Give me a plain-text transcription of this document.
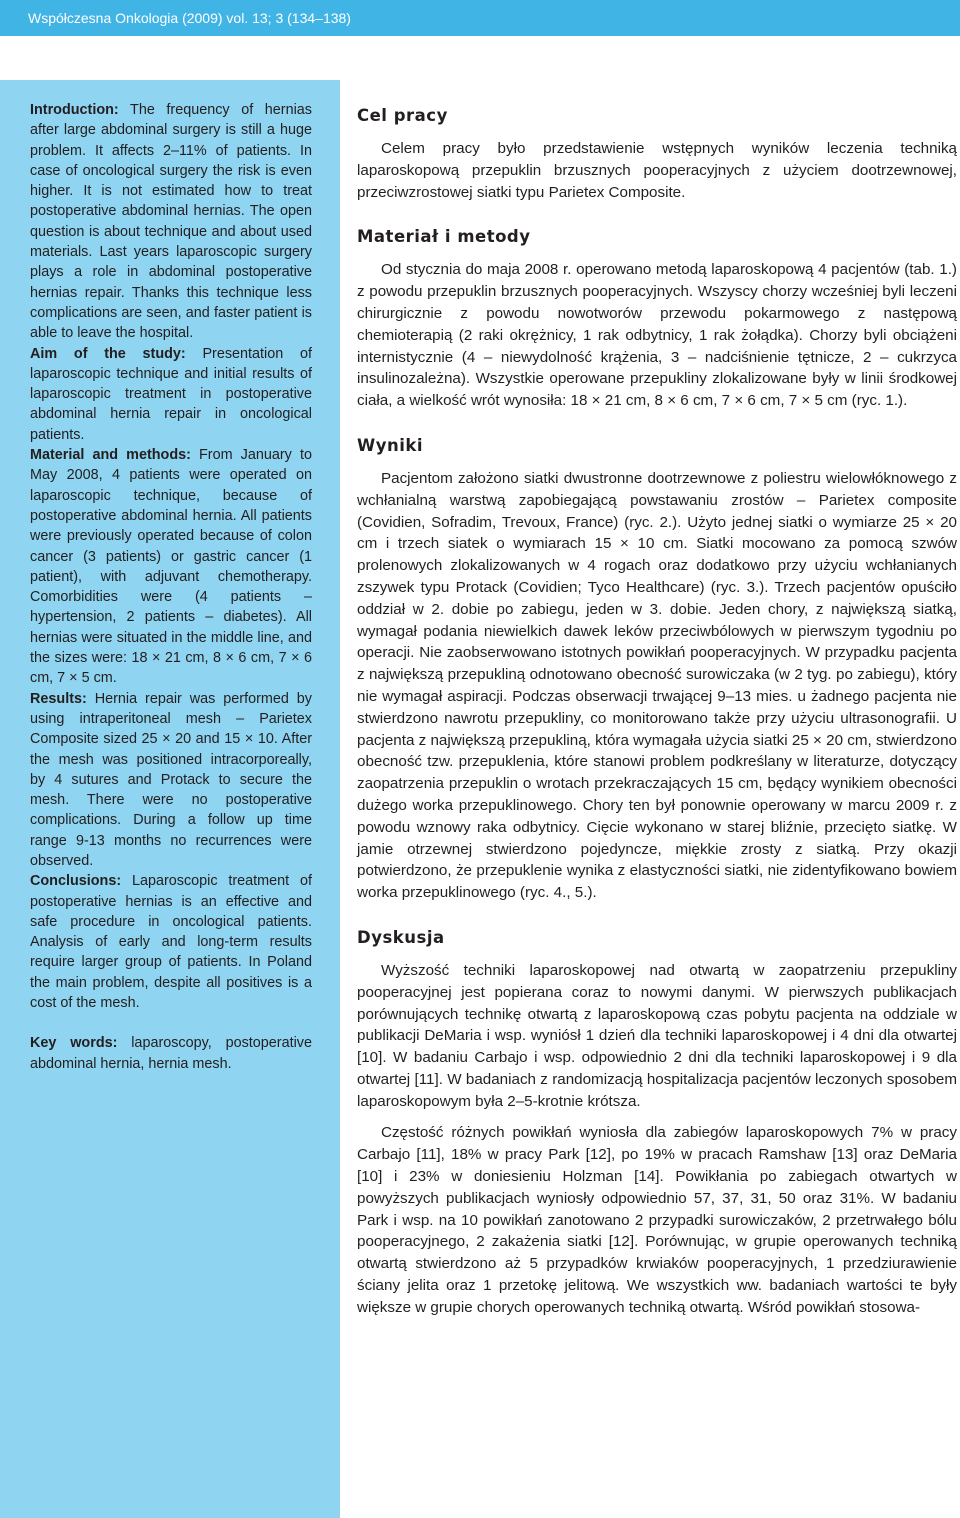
Współczesna Onkologia (2009) vol. 13; 3 (134–138)

Introduction: The frequency of hernias after large abdominal surgery is still a huge problem. It affects 2–11% of patients. In case of oncological surgery the risk is even higher. It is not estimated how to treat postoperative abdominal hernias. The open question is about technique and about used materials. Last years laparoscopic surgery plays a role in abdominal postoperative hernias repair. Thanks this technique less complications are seen, and faster patient is able to leave the hospital.

Aim of the study: Presentation of laparoscopic technique and initial results of laparoscopic treatment in postoperative abdominal hernia repair in oncological patients.

Material and methods: From January to May 2008, 4 patients were operated on laparoscopic technique, because of postoperative abdominal hernia. All patients were previously operated because of colon cancer (3 patients) or gastric cancer (1 patient), with adjuvant chemotherapy. Comorbidities were (4 patients – hypertension, 2 patients – diabetes). All hernias were situated in the middle line, and the sizes were: 18 × 21 cm, 8 × 6 cm, 7 × 6 cm, 7 × 5 cm.

Results: Hernia repair was performed by using intraperitoneal mesh – Parietex Composite sized 25 × 20 and 15 × 10. After the mesh was positioned intracorporeally, by 4 sutures and Protack to secure the mesh. There were no postoperative complications. During a follow up time range 9-13 months no recurrences were observed.

Conclusions: Laparoscopic treatment of postoperative hernias is an effective and safe procedure in oncological patients. Analysis of early and long-term results require larger group of patients. In Poland the main problem, despite all positives is a cost of the mesh.

Key words: laparoscopy, postoperative abdominal hernia, hernia mesh.

Cel pracy

Celem pracy było przedstawienie wstępnych wyników leczenia techniką laparoskopową przepuklin brzusznych pooperacyjnych z użyciem dootrzewnowej, przeciwzrostowej siatki typu Parietex Composite.

Materiał i metody

Od stycznia do maja 2008 r. operowano metodą laparoskopową 4 pacjentów (tab. 1.) z powodu przepuklin brzusznych pooperacyjnych. Wszyscy chorzy wcześniej byli leczeni chirurgicznie z powodu nowotworów przewodu pokarmowego z następową chemioterapią (2 raki okrężnicy, 1 rak odbytnicy, 1 rak żołądka). Chorzy byli obciążeni internistycznie (4 – niewydolność krążenia, 3 – nadciśnienie tętnicze, 2 – cukrzyca insulinozależna). Wszystkie operowane przepukliny zlokalizowane były w linii środkowej ciała, a wielkość wrót wynosiła: 18 × 21 cm, 8 × 6 cm, 7 × 6 cm, 7 × 5 cm (ryc. 1.).

Wyniki

Pacjentom założono siatki dwustronne dootrzewnowe z poliestru wielowłóknowego z wchłanialną warstwą zapobiegającą powstawaniu zrostów – Parietex composite (Covidien, Sofradim, Trevoux, France) (ryc. 2.). Użyto jednej siatki o wymiarze 25 × 20 cm i trzech siatek o wymiarach 15 × 10 cm. Siatki mocowano za pomocą szwów prolenowych zlokalizowanych w 4 rogach oraz dodatkowo przy użyciu wchłanianych zszywek typu Protack (Covidien; Tyco Healthcare) (ryc. 3.). Trzech pacjentów opuściło oddział w 2. dobie po zabiegu, jeden w 3. dobie. Jeden chory, z największą siatką, wymagał podania niewielkich dawek leków przeciwbólowych w pierwszym tygodniu po operacji. Nie zaobserwowano istotnych powikłań pooperacyjnych. W przypadku pacjenta z największą przepukliną odnotowano obecność surowiczaka (w 2 tyg. po zabiegu), który nie wymagał aspiracji. Podczas obserwacji trwającej 9–13 mies. u żadnego pacjenta nie stwierdzono nawrotu przepukliny, co monitorowano także przy użyciu ultrasonografii. U pacjenta z największą przepukliną, która wymagała użycia siatki 25 × 20 cm, stwierdzono obecność tzw. przepuklenia, które stanowi problem podkreślany w literaturze, dotyczący zaopatrzenia przepuklin o wrotach przekraczających 15 cm, będący wynikiem obecności dużego worka przepuklinowego. Chory ten był ponownie operowany w marcu 2009 r. z powodu wznowy raka odbytnicy. Cięcie wykonano w starej bliźnie, przecięto siatkę. W jamie otrzewnej stwierdzono pojedyncze, miękkie zrosty z siatką. Przy okazji potwierdzono, że przepuklenie wynika z elastyczności siatki, nie zidentyfikowano bowiem worka przepuklinowego (ryc. 4., 5.).

Dyskusja

Wyższość techniki laparoskopowej nad otwartą w zaopatrzeniu przepukliny pooperacyjnej jest popierana coraz to nowymi danymi. W pierwszych publikacjach porównujących technikę otwartą z laparoskopową czas pobytu pacjenta na oddziale w publikacji DeMaria i wsp. wyniósł 1 dzień dla techniki laparoskopowej i 4 dni dla otwartej [10]. W badaniu Carbajo i wsp. odpowiednio 2 dni dla techniki laparoskopowej i 9 dla otwartej [11]. W badaniach z randomizacją hospitalizacja pacjentów leczonych sposobem laparoskopowym była 2–5-krotnie krótsza.

Częstość różnych powikłań wyniosła dla zabiegów laparoskopowych 7% w pracy Carbajo [11], 18% w pracy Park [12], po 19% w pracach Ramshaw [13] oraz DeMaria [10] i 23% w doniesieniu Holzman [14]. Powikłania po zabiegach otwartych w powyższych publikacjach wyniosły odpowiednio 57, 37, 31, 50 oraz 31%. W badaniu Park i wsp. na 10 powikłań zanotowano 2 przypadki surowiczaków, 2 przetrwałego bólu pooperacyjnego, 2 zakażenia siatki [12]. Porównując, w grupie operowanych techniką otwartą stwierdzono aż 5 przypadków krwiaków pooperacyjnych, 1 przedziurawienie ściany jelita oraz 1 przetokę jelitową. We wszystkich ww. badaniach wartości te były większe w grupie chorych operowanych techniką otwartą. Wśród powikłań stosowa-
